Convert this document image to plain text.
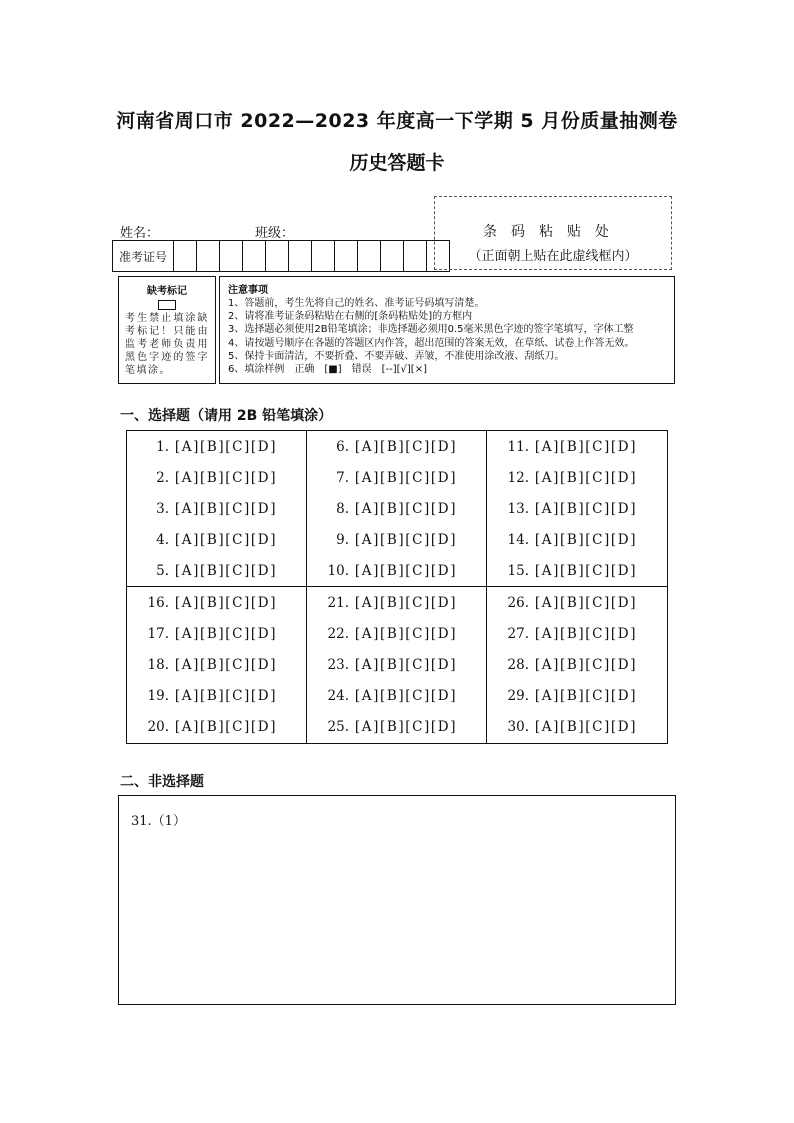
河南省周口市 2022—2023 年度高一下学期 5 月份质量抽测卷
历史答题卡
姓名：	班级：
准考证号
条码粘贴处
（正面朝上贴在此虚线框内）
缺考标记
考生禁止填涂缺考标记！只能由监考老师负责用黑色字迹的签字笔填涂。
注意事项
1、答题前，考生先将自己的姓名、准考证号码填写清楚。
2、请将准考证条码粘贴在右侧的[条码粘贴处]的方框内
3、选择题必须使用2B铅笔填涂；非选择题必须用0.5毫米黑色字迹的签字笔填写，字体工整
4、请按题号顺序在各题的答题区内作答，超出范围的答案无效，在草纸、试卷上作答无效。
5、保持卡面清洁，不要折叠、不要弄破、弄皱，不准使用涂改液、刮纸刀。
6、填涂样例　正确　[■]　错误　[--][√][×]
一、选择题（请用 2B 铅笔填涂）
1. [A][B][C][D]
2. [A][B][C][D]
3. [A][B][C][D]
4. [A][B][C][D]
5. [A][B][C][D]
6. [A][B][C][D]
7. [A][B][C][D]
8. [A][B][C][D]
9. [A][B][C][D]
10. [A][B][C][D]
11. [A][B][C][D]
12. [A][B][C][D]
13. [A][B][C][D]
14. [A][B][C][D]
15. [A][B][C][D]
16. [A][B][C][D]
17. [A][B][C][D]
18. [A][B][C][D]
19. [A][B][C][D]
20. [A][B][C][D]
21. [A][B][C][D]
22. [A][B][C][D]
23. [A][B][C][D]
24. [A][B][C][D]
25. [A][B][C][D]
26. [A][B][C][D]
27. [A][B][C][D]
28. [A][B][C][D]
29. [A][B][C][D]
30. [A][B][C][D]
二、非选择题
31.（1）
